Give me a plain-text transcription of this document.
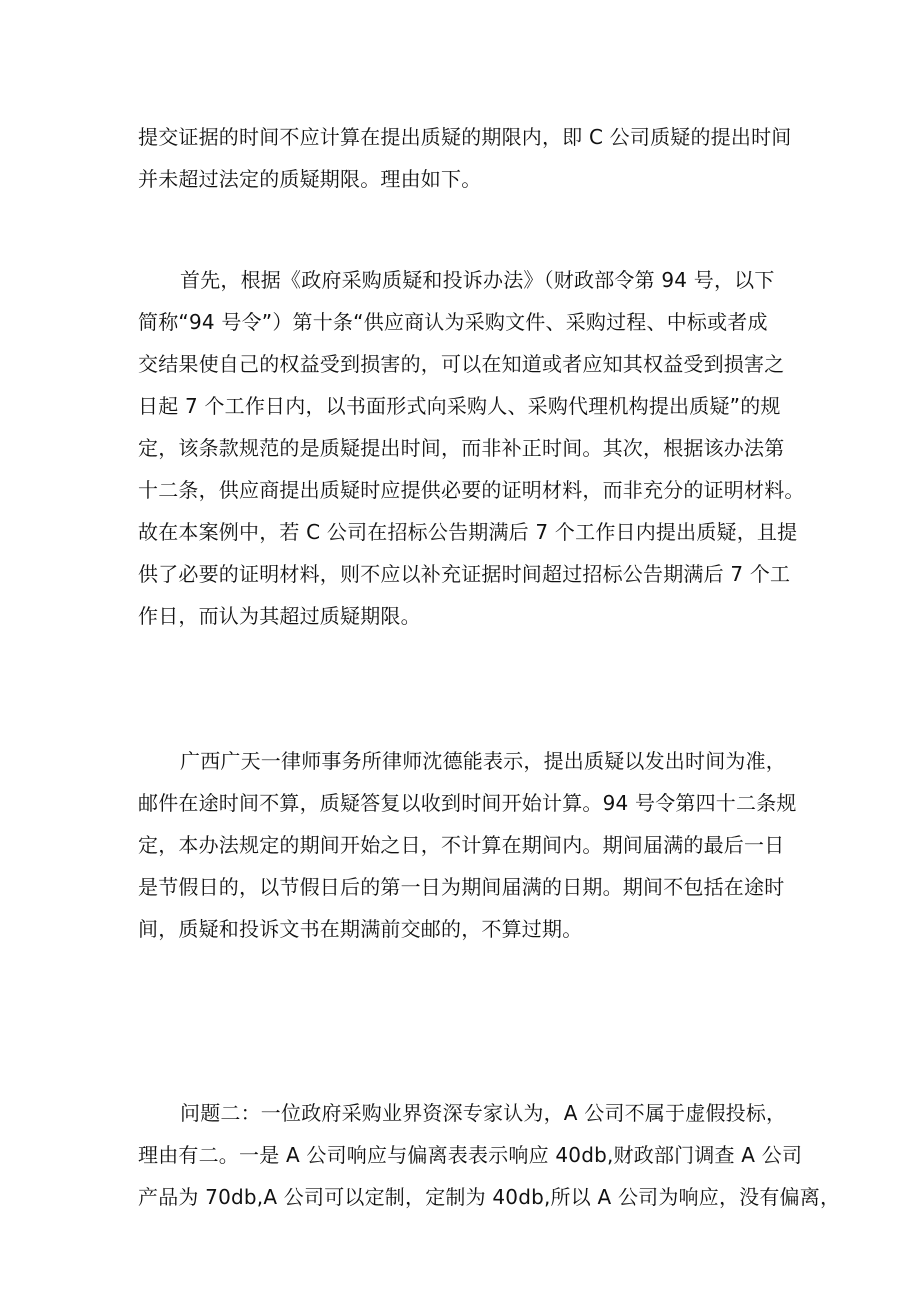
提交证据的时间不应计算在提出质疑的期限内，即 C 公司质疑的提出时间
并未超过法定的质疑期限。理由如下。
首先，根据《政府采购质疑和投诉办法》（财政部令第 94 号，以下
简称“94 号令”）第十条“供应商认为采购文件、采购过程、中标或者成
交结果使自己的权益受到损害的，可以在知道或者应知其权益受到损害之
日起 7 个工作日内，以书面形式向采购人、采购代理机构提出质疑”的规
定，该条款规范的是质疑提出时间，而非补正时间。其次，根据该办法第
十二条，供应商提出质疑时应提供必要的证明材料，而非充分的证明材料。
故在本案例中，若 C 公司在招标公告期满后 7 个工作日内提出质疑，且提
供了必要的证明材料，则不应以补充证据时间超过招标公告期满后 7 个工
作日，而认为其超过质疑期限。
广西广天一律师事务所律师沈德能表示，提出质疑以发出时间为准，
邮件在途时间不算，质疑答复以收到时间开始计算。94 号令第四十二条规
定，本办法规定的期间开始之日，不计算在期间内。期间届满的最后一日
是节假日的，以节假日后的第一日为期间届满的日期。期间不包括在途时
间，质疑和投诉文书在期满前交邮的，不算过期。
问题二：一位政府采购业界资深专家认为，A 公司不属于虚假投标，
理由有二。一是 A 公司响应与偏离表表示响应 40db,财政部门调查 A 公司
产品为 70db,A 公司可以定制，定制为 40db,所以 A 公司为响应，没有偏离，
